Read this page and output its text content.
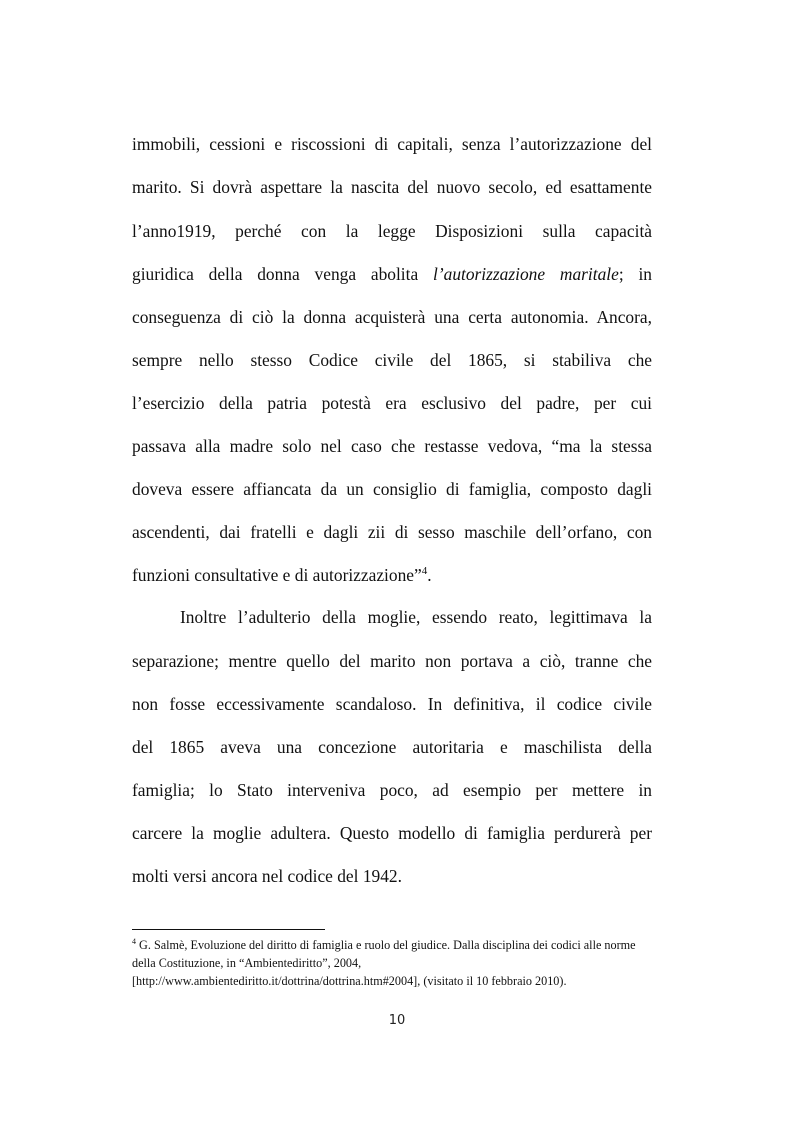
immobili, cessioni e riscossioni di capitali, senza l’autorizzazione del

marito. Si dovrà aspettare la nascita del nuovo secolo, ed esattamente

l’anno1919, perché con la legge Disposizioni sulla capacità

giuridica della donna venga abolita l’autorizzazione maritale; in

conseguenza di ciò la donna acquisterà una certa autonomia. Ancora,

sempre nello stesso Codice civile del 1865, si stabiliva che

l’esercizio della patria potestà era esclusivo del padre, per cui

passava alla madre solo nel caso che restasse vedova, “ma la stessa

doveva essere affiancata da un consiglio di famiglia, composto dagli

ascendenti, dai fratelli e dagli zii di sesso maschile dell’orfano, con

funzioni consultative e di autorizzazione”$^4$.

Inoltre l’adulterio della moglie, essendo reato, legittimava la

separazione; mentre quello del marito non portava a ciò, tranne che

non fosse eccessivamente scandaloso. In definitiva, il codice civile

del 1865 aveva una concezione autoritaria e maschilista della

famiglia; lo Stato interveniva poco, ad esempio per mettere in

carcere la moglie adultera. Questo modello di famiglia perdurerà per

molti versi ancora nel codice del 1942.

$^4$ G. Salmè, Evoluzione del diritto di famiglia e ruolo del giudice. Dalla disciplina dei codici alle norme

della Costituzione, in “Ambientediritto”, 2004,

[http://www.ambientediritto.it/dottrina/dottrina.htm#2004], (visitato il 10 febbraio 2010).

10
